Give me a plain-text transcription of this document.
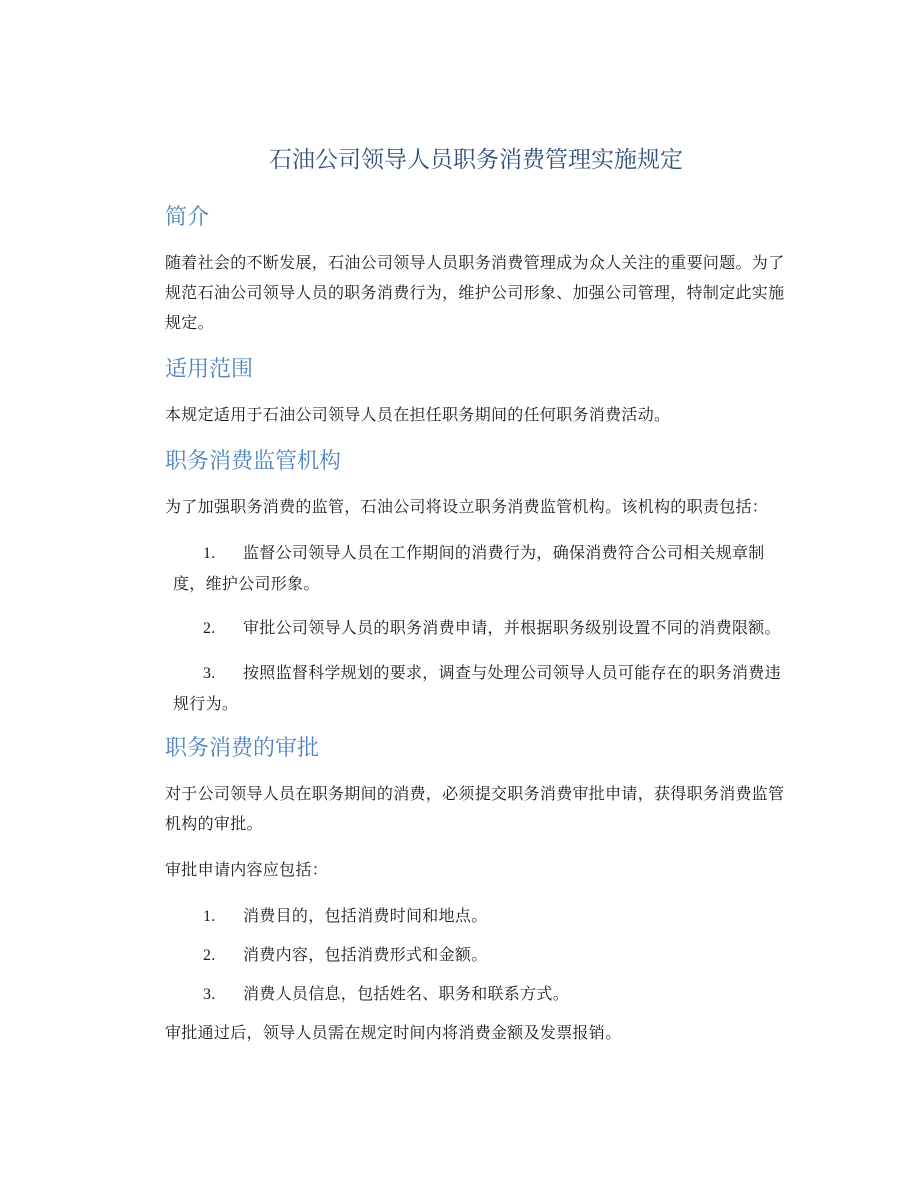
石油公司领导人员职务消费管理实施规定
简介

随着社会的不断发展，石油公司领导人员职务消费管理成为众人关注的重要问题。为了规范石油公司领导人员的职务消费行为，维护公司形象、加强公司管理，特制定此实施规定。

适用范围

本规定适用于石油公司领导人员在担任职务期间的任何职务消费活动。

职务消费监管机构

为了加强职务消费的监管，石油公司将设立职务消费监管机构。该机构的职责包括：

1. 监督公司领导人员在工作期间的消费行为，确保消费符合公司相关规章制度，维护公司形象。
2. 审批公司领导人员的职务消费申请，并根据职务级别设置不同的消费限额。
3. 按照监督科学规划的要求，调查与处理公司领导人员可能存在的职务消费违规行为。
职务消费的审批

对于公司领导人员在职务期间的消费，必须提交职务消费审批申请，获得职务消费监管机构的审批。

审批申请内容应包括：

1. 消费目的，包括消费时间和地点。
2. 消费内容，包括消费形式和金额。
3. 消费人员信息，包括姓名、职务和联系方式。

审批通过后，领导人员需在规定时间内将消费金额及发票报销。
